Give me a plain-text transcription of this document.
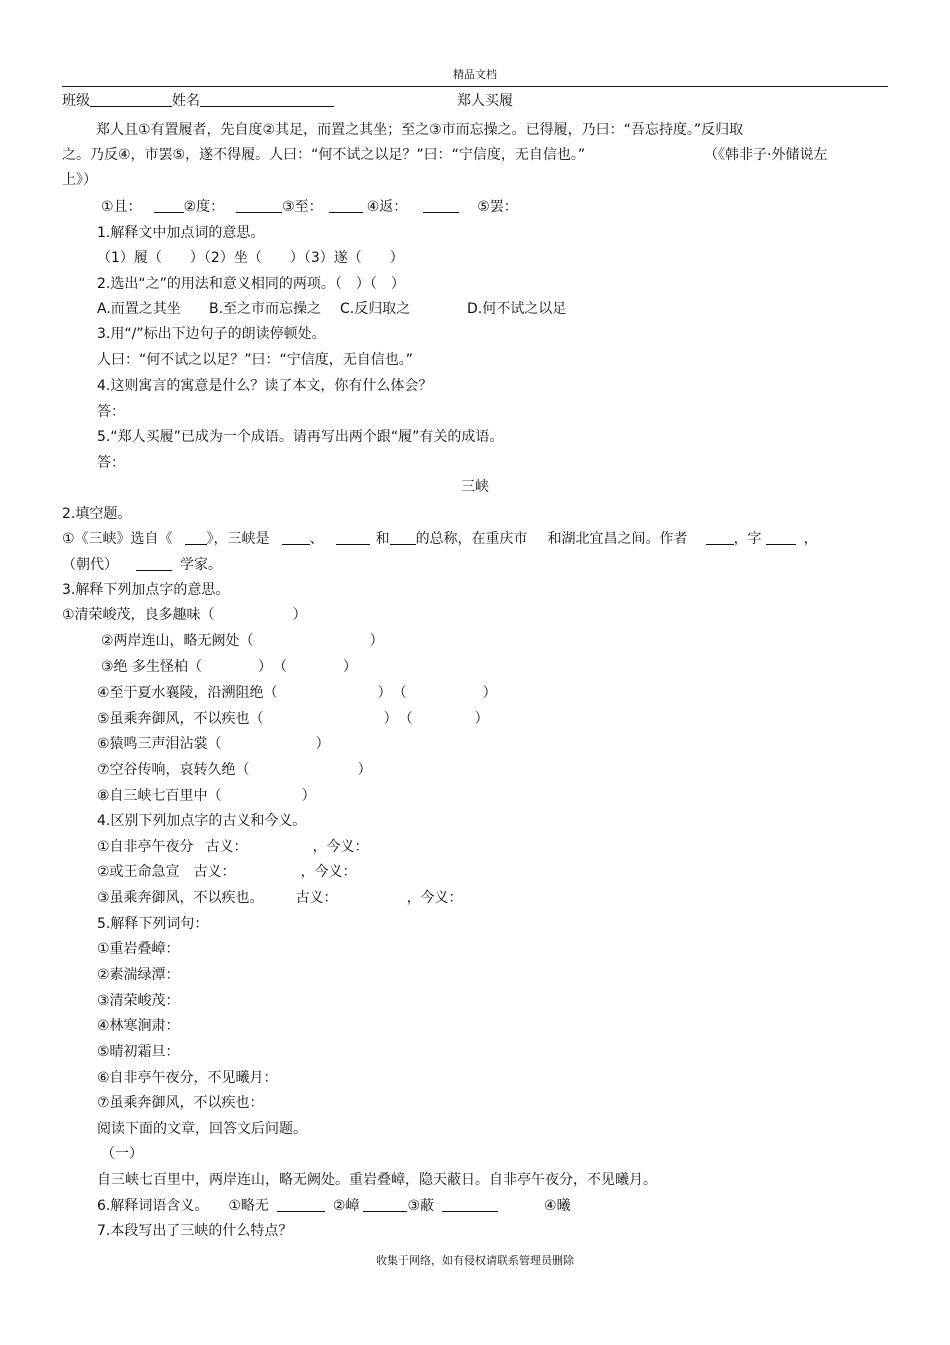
精品文档
班级	姓名	郑人买履
郑人且①有置履者，先自度②其足，而置之其坐；至之③市而忘操之。已得履，乃曰：“吾忘持度。”反归取
之。乃反④，市罢⑤，遂不得履。人曰：“何不试之以足？”曰：“宁信度，无自信也。”	（《韩非子·外储说左
上》）
①且：	②度：	③至：	④返：	⑤罢：
1.解释文中加点词的意思。
（1）履（　　）（2）坐（　　）（3）遂（　　）
2.选出“之”的用法和意义相同的两项。（　）（　）
A.而置之其坐 B.至之市而忘操之 C.反归取之	D.何不试之以足
3.用“/”标出下边句子的朗读停顿处。
人曰：“何不试之以足？”曰：“宁信度，无自信也。”
4.这则寓言的寓意是什么？读了本文，你有什么体会？
答：
5.“郑人买履”已成为一个成语。请再写出两个跟“履”有关的成语。
答：
三峡
2.填空题。
①《三峡》选自《 》，三峡是	、	和 的总称，在重庆市 和湖北宜昌之间。作者	，字	，
（朝代）	学家。
3.解释下列加点字的意思。
①清荣峻茂，良多趣味（	）
②两岸连山，略无阙处（	）
③绝 多生怪柏（	） （	）
④至于夏水襄陵，沿溯阻绝（	） （	）
⑤虽乘奔御风，不以疾也（	） （	）
⑥猿鸣三声泪沾裳（	）
⑦空谷传响，哀转久绝（	）
⑧自三峡七百里中（	）
4.区别下列加点字的古义和今义。
①自非亭午夜分 古义：	，今义：
②或王命急宣 古义：	，今义：
③虽乘奔御风，不以疾也。 古义：	，今义：
5.解释下列词句：
①重岩叠嶂：
②素湍绿潭：
③清荣峻茂：
④林寒涧肃：
⑤晴初霜旦：
⑥自非亭午夜分，不见曦月：
⑦虽乘奔御风，不以疾也：
阅读下面的文章，回答文后问题。
（一）
自三峡七百里中，两岸连山，略无阙处。重岩叠嶂，隐天蔽日。自非亭午夜分，不见曦月。
6.解释词语含义。 ①略无	②嶂	③蔽	④曦
7.本段写出了三峡的什么特点？
收集于网络，如有侵权请联系管理员删除
